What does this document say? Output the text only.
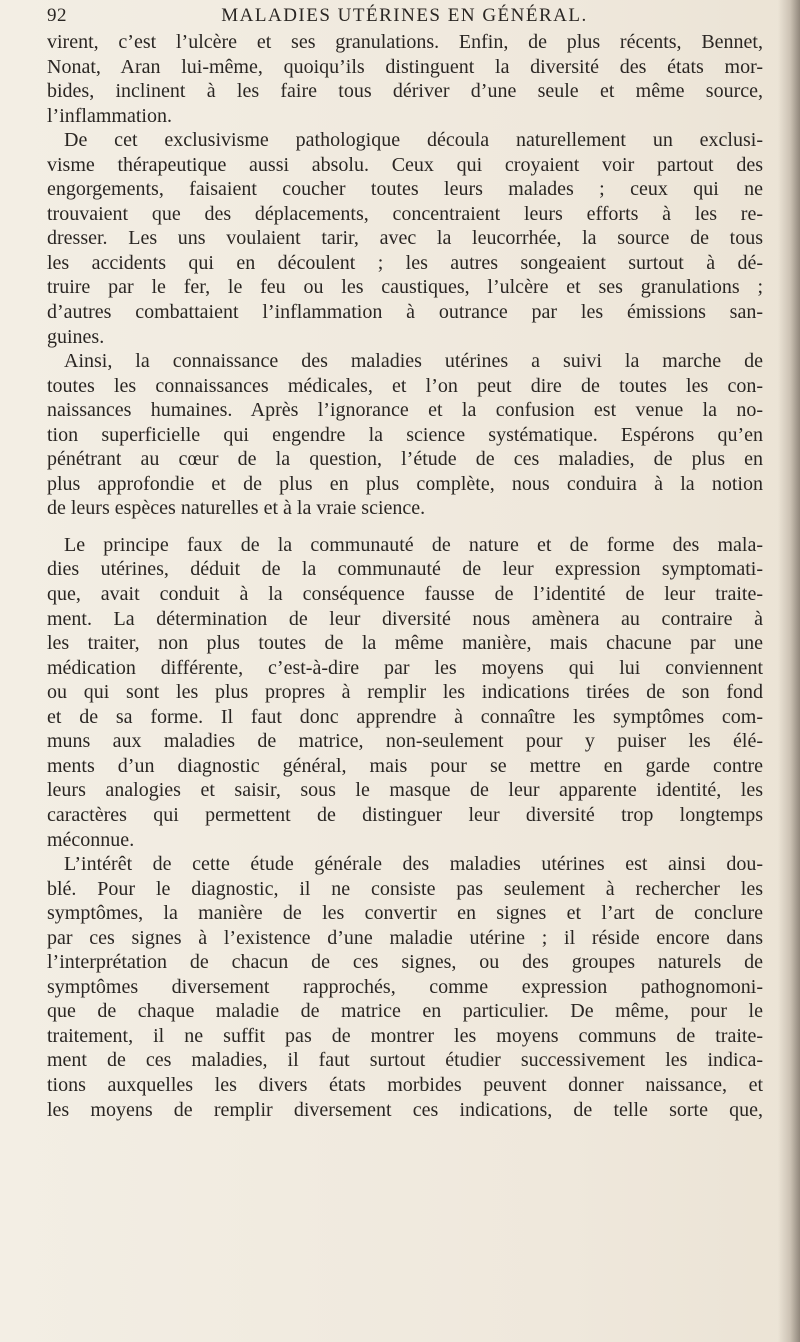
92	MALADIES UTÉRINES EN GÉNÉRAL.
virent, c’est l’ulcère et ses granulations. Enfin, de plus récents, Bennet,
Nonat, Aran lui-même, quoiqu’ils distinguent la diversité des états mor-
bides, inclinent à les faire tous dériver d’une seule et même source,
l’inflammation.
De cet exclusivisme pathologique découla naturellement un exclusi-
visme thérapeutique aussi absolu. Ceux qui croyaient voir partout des
engorgements, faisaient coucher toutes leurs malades ; ceux qui ne
trouvaient que des déplacements, concentraient leurs efforts à les re-
dresser. Les uns voulaient tarir, avec la leucorrhée, la source de tous
les accidents qui en découlent ; les autres songeaient surtout à dé-
truire par le fer, le feu ou les caustiques, l’ulcère et ses granulations ;
d’autres combattaient l’inflammation à outrance par les émissions san-
guines.
Ainsi, la connaissance des maladies utérines a suivi la marche de
toutes les connaissances médicales, et l’on peut dire de toutes les con-
naissances humaines. Après l’ignorance et la confusion est venue la no-
tion superficielle qui engendre la science systématique. Espérons qu’en
pénétrant au cœur de la question, l’étude de ces maladies, de plus en
plus approfondie et de plus en plus complète, nous conduira à la notion
de leurs espèces naturelles et à la vraie science.
Le principe faux de la communauté de nature et de forme des mala-
dies utérines, déduit de la communauté de leur expression symptomati-
que, avait conduit à la conséquence fausse de l’identité de leur traite-
ment. La détermination de leur diversité nous amènera au contraire à
les traiter, non plus toutes de la même manière, mais chacune par une
médication différente, c’est-à-dire par les moyens qui lui conviennent
ou qui sont les plus propres à remplir les indications tirées de son fond
et de sa forme. Il faut donc apprendre à connaître les symptômes com-
muns aux maladies de matrice, non-seulement pour y puiser les élé-
ments d’un diagnostic général, mais pour se mettre en garde contre
leurs analogies et saisir, sous le masque de leur apparente identité, les
caractères qui permettent de distinguer leur diversité trop longtemps
méconnue.
L’intérêt de cette étude générale des maladies utérines est ainsi dou-
blé. Pour le diagnostic, il ne consiste pas seulement à rechercher les
symptômes, la manière de les convertir en signes et l’art de conclure
par ces signes à l’existence d’une maladie utérine ; il réside encore dans
l’interprétation de chacun de ces signes, ou des groupes naturels de
symptômes diversement rapprochés, comme expression pathognomoni-
que de chaque maladie de matrice en particulier. De même, pour le
traitement, il ne suffit pas de montrer les moyens communs de traite-
ment de ces maladies, il faut surtout étudier successivement les indica-
tions auxquelles les divers états morbides peuvent donner naissance, et
les moyens de remplir diversement ces indications, de telle sorte que,
